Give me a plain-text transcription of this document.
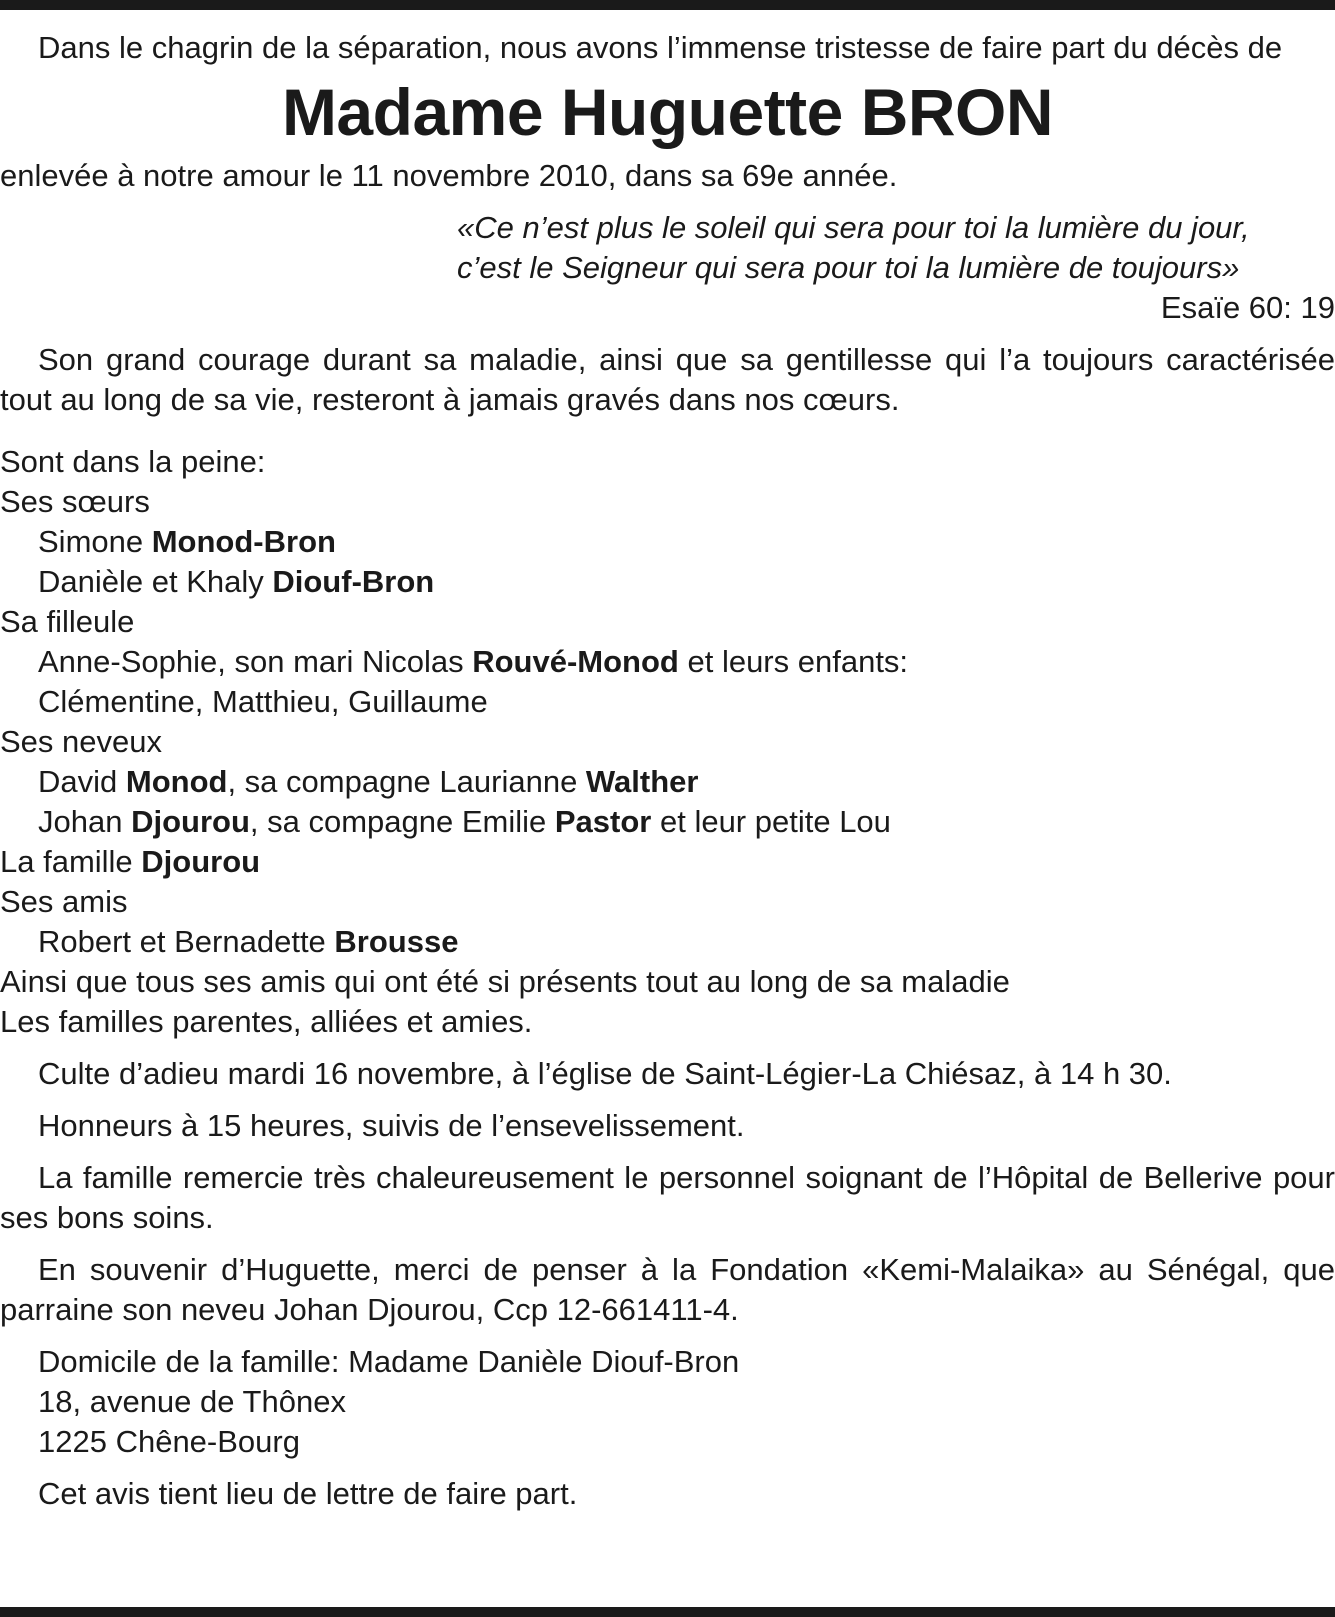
Dans le chagrin de la séparation, nous avons l’immense tristesse de faire part du décès de

Madame Huguette BRON

enlevée à notre amour le 11 novembre 2010, dans sa 69e année.

«Ce n’est plus le soleil qui sera pour toi la lumière du jour,

c’est le Seigneur qui sera pour toi la lumière de toujours»

Esaïe 60: 19

Son grand courage durant sa maladie, ainsi que sa gentillesse qui l’a toujours caractérisée tout au long de sa vie, resteront à jamais gravés dans nos cœurs.

Sont dans la peine:
Ses sœurs
Simone Monod-Bron
Danièle et Khaly Diouf-Bron
Sa filleule
Anne-Sophie, son mari Nicolas Rouvé-Monod et leurs enfants:
Clémentine, Matthieu, Guillaume
Ses neveux
David Monod, sa compagne Laurianne Walther
Johan Djourou, sa compagne Emilie Pastor et leur petite Lou
La famille Djourou
Ses amis
Robert et Bernadette Brousse
Ainsi que tous ses amis qui ont été si présents tout au long de sa maladie
Les familles parentes, alliées et amies.

Culte d’adieu mardi 16 novembre, à l’église de Saint-Légier-La Chiésaz, à 14 h 30.

Honneurs à 15 heures, suivis de l’ensevelissement.

La famille remercie très chaleureusement le personnel soignant de l’Hôpital de Bellerive pour ses bons soins.

En souvenir d’Huguette, merci de penser à la Fondation «Kemi-Malaika» au Sénégal, que parraine son neveu Johan Djourou, Ccp 12-661411-4.

Domicile de la famille: Madame Danièle Diouf-Bron
18, avenue de Thônex
1225 Chêne-Bourg

Cet avis tient lieu de lettre de faire part.
